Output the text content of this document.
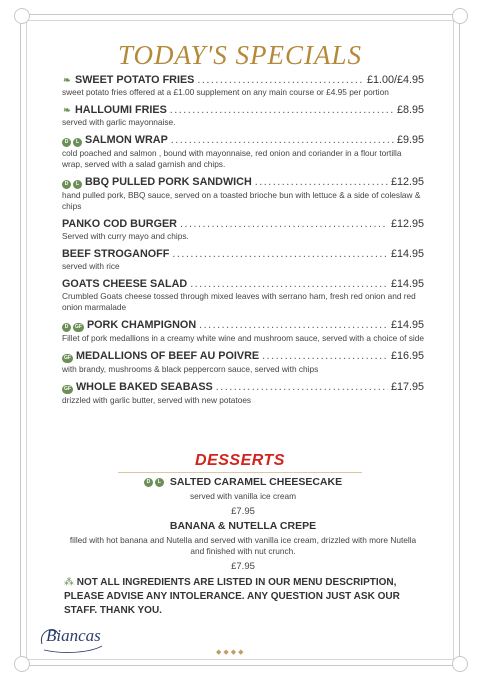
TODAY'S SPECIALS
❧ SWEET POTATO FRIES .....	£1.00/£4.95
sweet potato fries offered at a £1.00 supplement on any main course or £4.95 per portion
❧ HALLOUMI FRIES .....	£8.95
served with garlic mayonnaise.
D	L SALMON WRAP .....	£9.95
cold poached and salmon , bound with mayonnaise, red onion and coriander in a flour tortilla wrap, served with a salad garnish and chips.
D	L BBQ PULLED PORK SANDWICH .....	£12.95
hand pulled pork, BBQ sauce, served on a toasted brioche bun with lettuce & a side of coleslaw & chips
PANKO COD BURGER .....	£12.95
Served with curry mayo and chips.
BEEF STROGANOFF .....	£14.95
served with rice
GOATS CHEESE SALAD .....	£14.95
Crumbled Goats cheese tossed through mixed leaves with serrano ham, fresh red onion and red onion marmalade
D	GF PORK CHAMPIGNON .....	£14.95
Fillet of pork medallions in a creamy white wine and mushroom sauce, served with a choice of side
GF MEDALLIONS OF BEEF AU POIVRE .....	£16.95
with brandy, mushrooms & black peppercorn sauce, served with chips
GF WHOLE BAKED SEABASS .....	£17.95
drizzled with garlic butter, served with new potatoes
DESSERTS
D	L SALTED CARAMEL CHEESECAKE
served with vanilla ice cream
£7.95
BANANA & NUTELLA CREPE
filled with hot banana and Nutella and served with vanilla ice cream, drizzled with more Nutella and finished with nut crunch.
£7.95
⁂ NOT ALL INGREDIENTS ARE LISTED IN OUR MENU DESCRIPTION, PLEASE ADVISE ANY INTOLERANCE. ANY QUESTION JUST ASK OUR STAFF. THANK YOU.
Biancas
◆◆◆◆
